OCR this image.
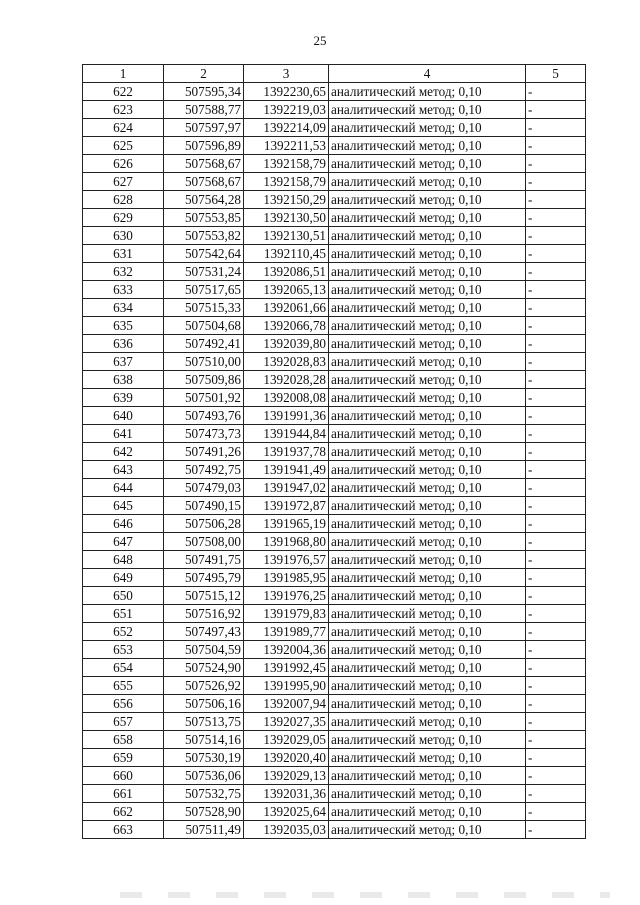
25
1	2	3	4	5
622	507595,34	1392230,65	аналитический метод; 0,10	-
623	507588,77	1392219,03	аналитический метод; 0,10	-
624	507597,97	1392214,09	аналитический метод; 0,10	-
625	507596,89	1392211,53	аналитический метод; 0,10	-
626	507568,67	1392158,79	аналитический метод; 0,10	-
627	507568,67	1392158,79	аналитический метод; 0,10	-
628	507564,28	1392150,29	аналитический метод; 0,10	-
629	507553,85	1392130,50	аналитический метод; 0,10	-
630	507553,82	1392130,51	аналитический метод; 0,10	-
631	507542,64	1392110,45	аналитический метод; 0,10	-
632	507531,24	1392086,51	аналитический метод; 0,10	-
633	507517,65	1392065,13	аналитический метод; 0,10	-
634	507515,33	1392061,66	аналитический метод; 0,10	-
635	507504,68	1392066,78	аналитический метод; 0,10	-
636	507492,41	1392039,80	аналитический метод; 0,10	-
637	507510,00	1392028,83	аналитический метод; 0,10	-
638	507509,86	1392028,28	аналитический метод; 0,10	-
639	507501,92	1392008,08	аналитический метод; 0,10	-
640	507493,76	1391991,36	аналитический метод; 0,10	-
641	507473,73	1391944,84	аналитический метод; 0,10	-
642	507491,26	1391937,78	аналитический метод; 0,10	-
643	507492,75	1391941,49	аналитический метод; 0,10	-
644	507479,03	1391947,02	аналитический метод; 0,10	-
645	507490,15	1391972,87	аналитический метод; 0,10	-
646	507506,28	1391965,19	аналитический метод; 0,10	-
647	507508,00	1391968,80	аналитический метод; 0,10	-
648	507491,75	1391976,57	аналитический метод; 0,10	-
649	507495,79	1391985,95	аналитический метод; 0,10	-
650	507515,12	1391976,25	аналитический метод; 0,10	-
651	507516,92	1391979,83	аналитический метод; 0,10	-
652	507497,43	1391989,77	аналитический метод; 0,10	-
653	507504,59	1392004,36	аналитический метод; 0,10	-
654	507524,90	1391992,45	аналитический метод; 0,10	-
655	507526,92	1391995,90	аналитический метод; 0,10	-
656	507506,16	1392007,94	аналитический метод; 0,10	-
657	507513,75	1392027,35	аналитический метод; 0,10	-
658	507514,16	1392029,05	аналитический метод; 0,10	-
659	507530,19	1392020,40	аналитический метод; 0,10	-
660	507536,06	1392029,13	аналитический метод; 0,10	-
661	507532,75	1392031,36	аналитический метод; 0,10	-
662	507528,90	1392025,64	аналитический метод; 0,10	-
663	507511,49	1392035,03	аналитический метод; 0,10	-
